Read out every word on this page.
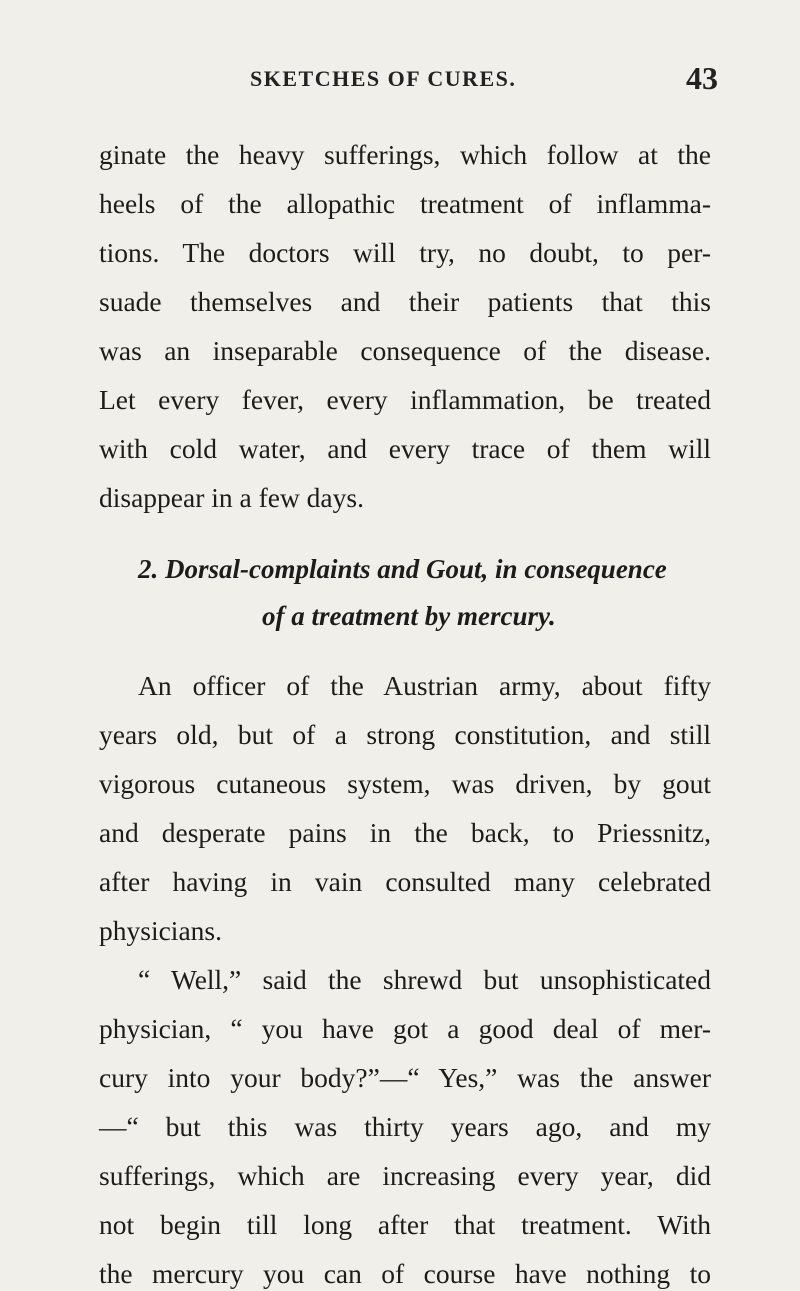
SKETCHES OF CURES.	43
ginate the heavy sufferings, which follow at the
heels of the allopathic treatment of inflamma-
tions. The doctors will try, no doubt, to per-
suade themselves and their patients that this
was an inseparable consequence of the disease.
Let every fever, every inflammation, be treated
with cold water, and every trace of them will
disappear in a few days.
2. Dorsal-complaints and Gout, in consequence
of a treatment by mercury.
An officer of the Austrian army, about fifty
years old, but of a strong constitution, and still
vigorous cutaneous system, was driven, by gout
and desperate pains in the back, to Priessnitz,
after having in vain consulted many celebrated
physicians.
“ Well,” said the shrewd but unsophisticated
physician, “ you have got a good deal of mer-
cury into your body?”—“ Yes,” was the answer
—“ but this was thirty years ago, and my
sufferings, which are increasing every year, did
not begin till long after that treatment. With
the mercury you can of course have nothing to
